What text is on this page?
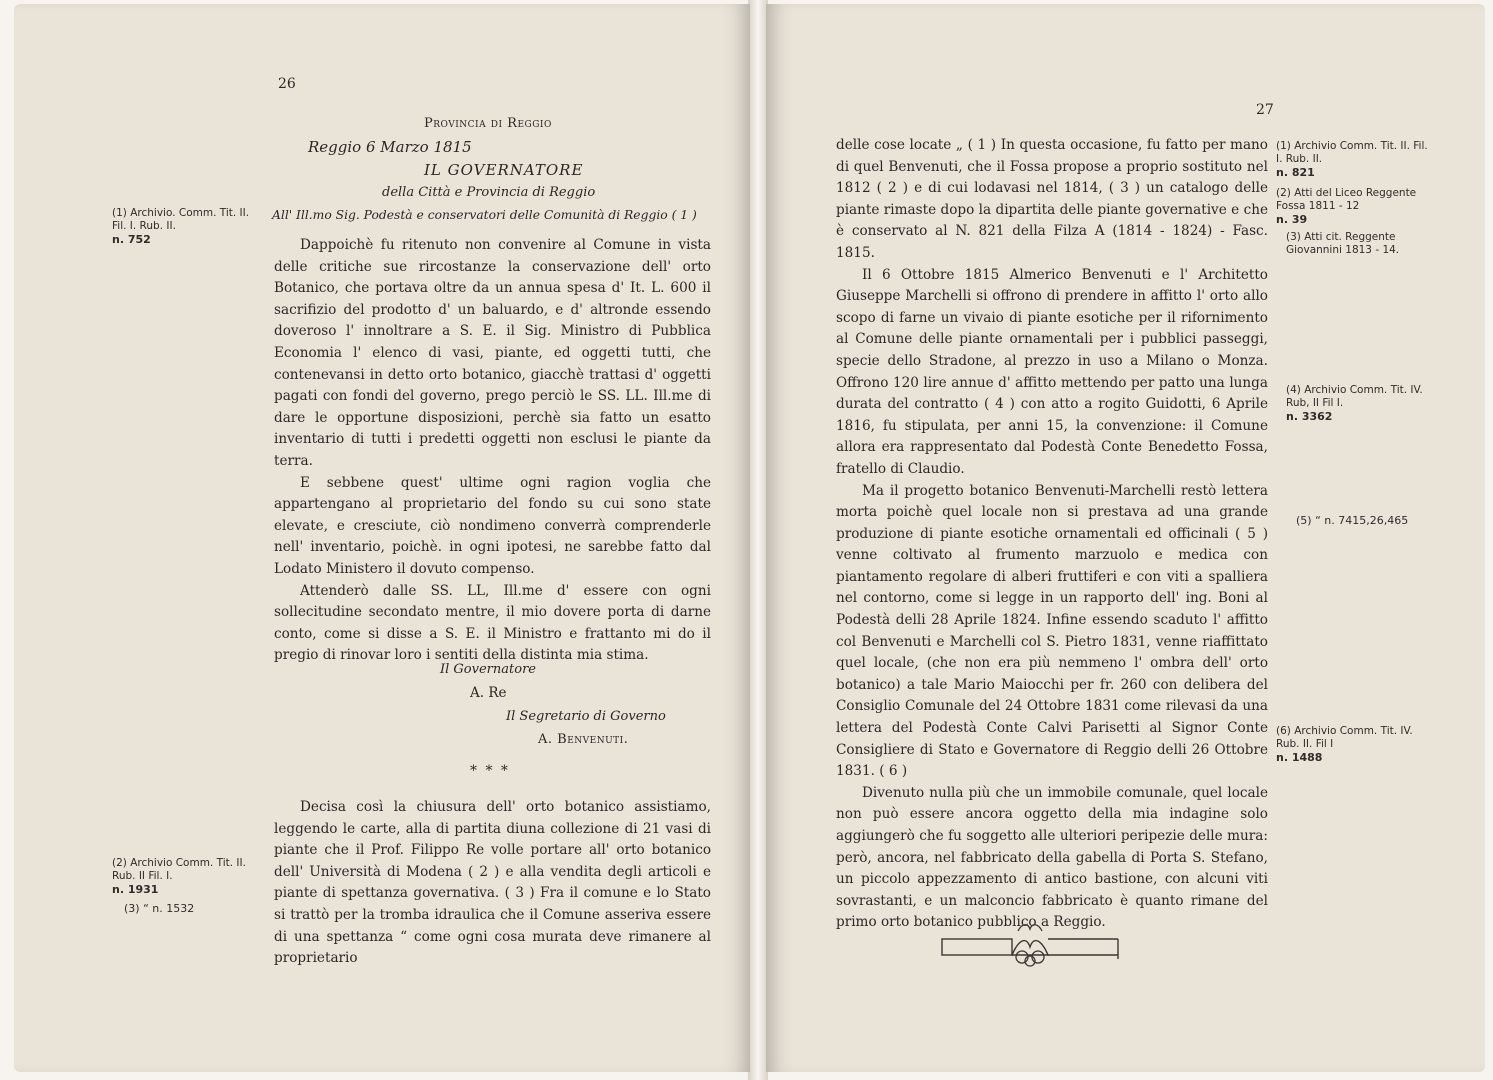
26
Provincia di Reggio
Reggio 6 Marzo 1815
IL GOVERNATORE
della Città e Provincia di Reggio
All' Ill.mo Sig. Podestà e conservatori delle Comunità di Reggio ( 1 )
(1) Archivio. Comm. Tit. II. Fil. I. Rub. II.
n. 752	Dappoichè fu ritenuto non convenire al Comune in vista delle critiche sue rircostanze la conservazione dell' orto Botanico, che portava oltre da un annua spesa d' It. L. 600 il sacrifizio del prodotto d' un baluardo, e d' altronde essendo doveroso l' innoltrare a S. E. il Sig. Ministro di Pubblica Economia l' elenco di vasi, piante, ed oggetti tutti, che contenevansi in detto orto botanico, giacchè trattasi d' oggetti pagati con fondi del governo, prego perciò le SS. LL. Ill.me di dare le opportune disposizioni, perchè sia fatto un esatto inventario di tutti i predetti oggetti non esclusi le piante da terra.

E sebbene quest' ultime ogni ragion voglia che appartengano al proprietario del fondo su cui sono state elevate, e cresciute, ciò nondimeno converrà comprenderle nell' inventario, poichè. in ogni ipotesi, ne sarebbe fatto dal Lodato Ministero il dovuto compenso.

Attenderò dalle SS. LL, Ill.me d' essere con ogni sollecitudine secondato mentre, il mio dovere porta di darne conto, come si disse a S. E. il Ministro e frattanto mi do il pregio di rinovar loro i sentiti della distinta mia stima.

Il Governatore
A. Re
Il Segretario di Governo
A. Benvenuti.
* * *

Decisa così la chiusura dell' orto botanico assistiamo, leggendo le carte, alla di partita diuna collezione di 21 vasi di piante che il Prof. Filippo Re volle portare all' orto botanico dell' Università di Modena ( 2 ) e alla vendita degli articoli e piante di spettanza governativa. ( 3 ) Fra il comune e lo Stato si trattò per la tromba idraulica che il Comune asseriva essere di una spettanza “ come ogni cosa murata deve rimanere al proprietario

(2) Archivio Comm. Tit. II. Rub. II Fil. I.
n. 1931
(3) “ n. 1532
27

delle cose locate „ ( 1 ) In questa occasione, fu fatto per mano di quel Benvenuti, che il Fossa propose a proprio sostituto nel 1812 ( 2 ) e di cui lodavasi nel 1814, ( 3 ) un catalogo delle piante rimaste dopo la dipartita delle piante governative e che è conservato al N. 821 della Filza A (1814 - 1824) - Fasc. 1815.

Il 6 Ottobre 1815 Almerico Benvenuti e l' Architetto Giuseppe Marchelli si offrono di prendere in affitto l' orto allo scopo di farne un vivaio di piante esotiche per il rifornimento al Comune delle piante ornamentali per i pubblici passeggi, specie dello Stradone, al prezzo in uso a Milano o Monza. Offrono 120 lire annue d' affitto mettendo per patto una lunga durata del contratto ( 4 ) con atto a rogito Guidotti, 6 Aprile 1816, fu stipulata, per anni 15, la convenzione: il Comune allora era rappresentato dal Podestà Conte Benedetto Fossa, fratello di Claudio.

Ma il progetto botanico Benvenuti-Marchelli restò lettera morta poichè quel locale non si prestava ad una grande produzione di piante esotiche ornamentali ed officinali ( 5 ) venne coltivato al frumento marzuolo e medica con piantamento regolare di alberi fruttiferi e con viti a spalliera nel contorno, come si legge in un rapporto dell' ing. Boni al Podestà delli 28 Aprile 1824. Infine essendo scaduto l' affitto col Benvenuti e Marchelli col S. Pietro 1831, venne riaffittato quel locale, (che non era più nemmeno l' ombra dell' orto botanico) a tale Mario Maiocchi per fr. 260 con delibera del Consiglio Comunale del 24 Ottobre 1831 come rilevasi da una lettera del Podestà Conte Calvi Parisetti al Signor Conte Consigliere di Stato e Governatore di Reggio delli 26 Ottobre 1831. ( 6 )

Divenuto nulla più che un immobile comunale, quel locale non può essere ancora oggetto della mia indagine solo aggiungerò che fu soggetto alle ulteriori peripezie delle mura: però, ancora, nel fabbricato della gabella di Porta S. Stefano, un piccolo appezzamento di antico bastione, con alcuni viti sovrastanti, e un malconcio fabbricato è quanto rimane del primo orto botanico pubblico a Reggio.

(1) Archivio Comm. Tit. II. Fil. I. Rub. II.
n. 821
(2) Atti del Liceo Reggente Fossa 1811 - 12
n. 39
(3) Atti cit. Reggente Giovannini 1813 - 14.
(4) Archivio Comm. Tit. IV. Rub, II Fil I.
n. 3362
(5) “ n. 7415,26,465
(6) Archivio Comm. Tit. IV. Rub. II. Fil I
n. 1488
